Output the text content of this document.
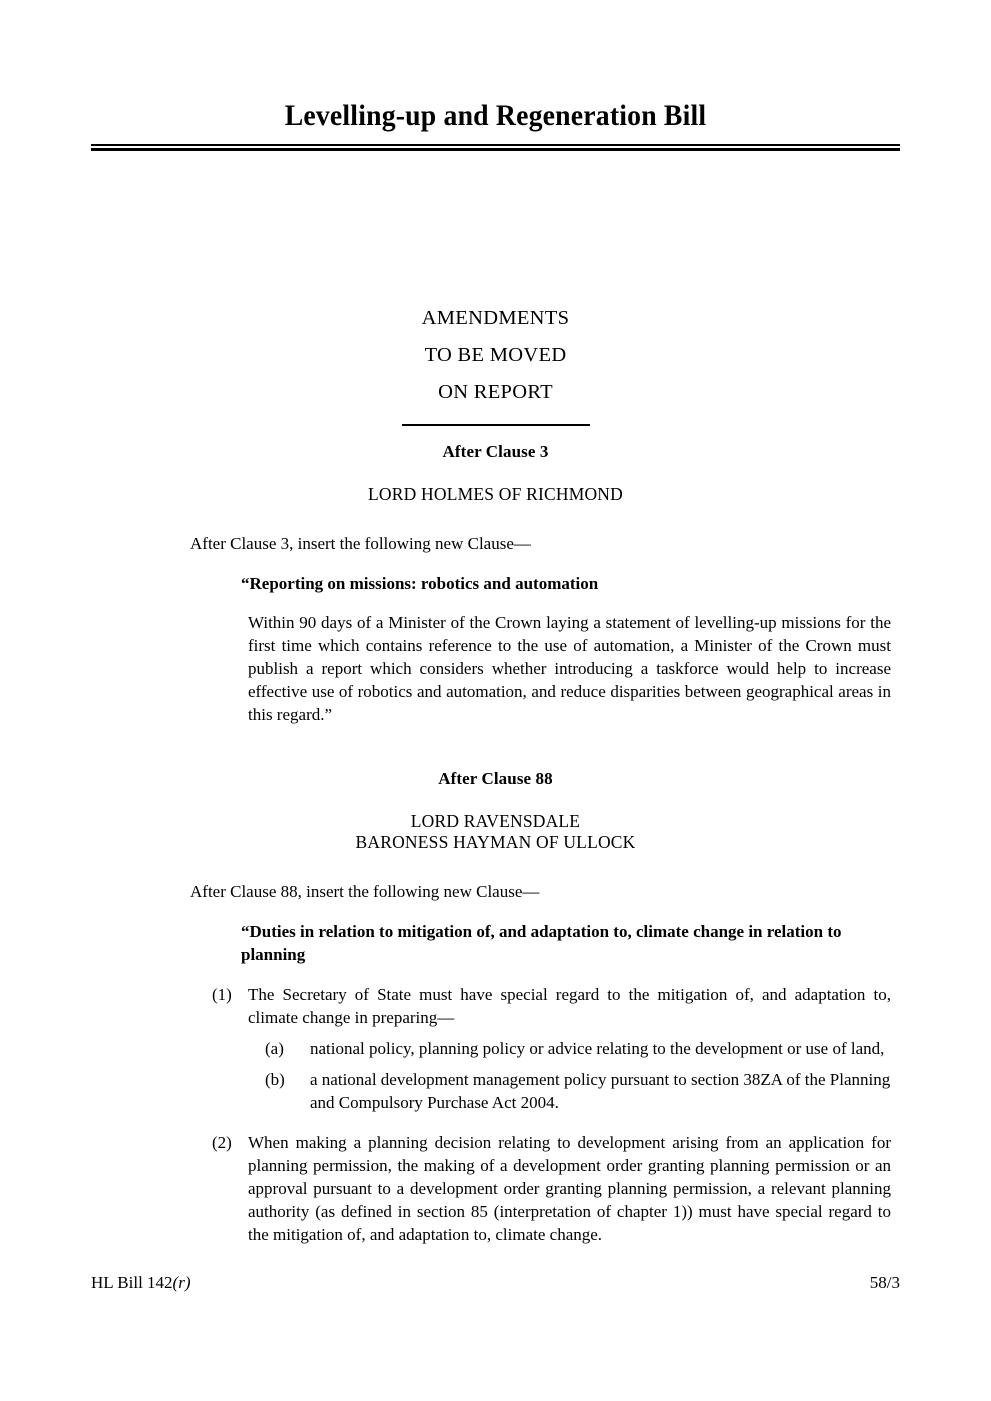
Levelling-up and Regeneration Bill
AMENDMENTS
TO BE MOVED
ON REPORT
After Clause 3
LORD HOLMES OF RICHMOND
After Clause 3, insert the following new Clause—
“Reporting on missions: robotics and automation
Within 90 days of a Minister of the Crown laying a statement of levelling-up missions for the first time which contains reference to the use of automation, a Minister of the Crown must publish a report which considers whether introducing a taskforce would help to increase effective use of robotics and automation, and reduce disparities between geographical areas in this regard.”
After Clause 88
LORD RAVENSDALE
BARONESS HAYMAN OF ULLOCK
After Clause 88, insert the following new Clause—
“Duties in relation to mitigation of, and adaptation to, climate change in relation to planning
(1) The Secretary of State must have special regard to the mitigation of, and adaptation to, climate change in preparing—
(a)	national policy, planning policy or advice relating to the development or use of land,
(b)	a national development management policy pursuant to section 38ZA of the Planning and Compulsory Purchase Act 2004.
(2) When making a planning decision relating to development arising from an application for planning permission, the making of a development order granting planning permission or an approval pursuant to a development order granting planning permission, a relevant planning authority (as defined in section 85 (interpretation of chapter 1)) must have special regard to the mitigation of, and adaptation to, climate change.
HL Bill 142(r)	58/3
